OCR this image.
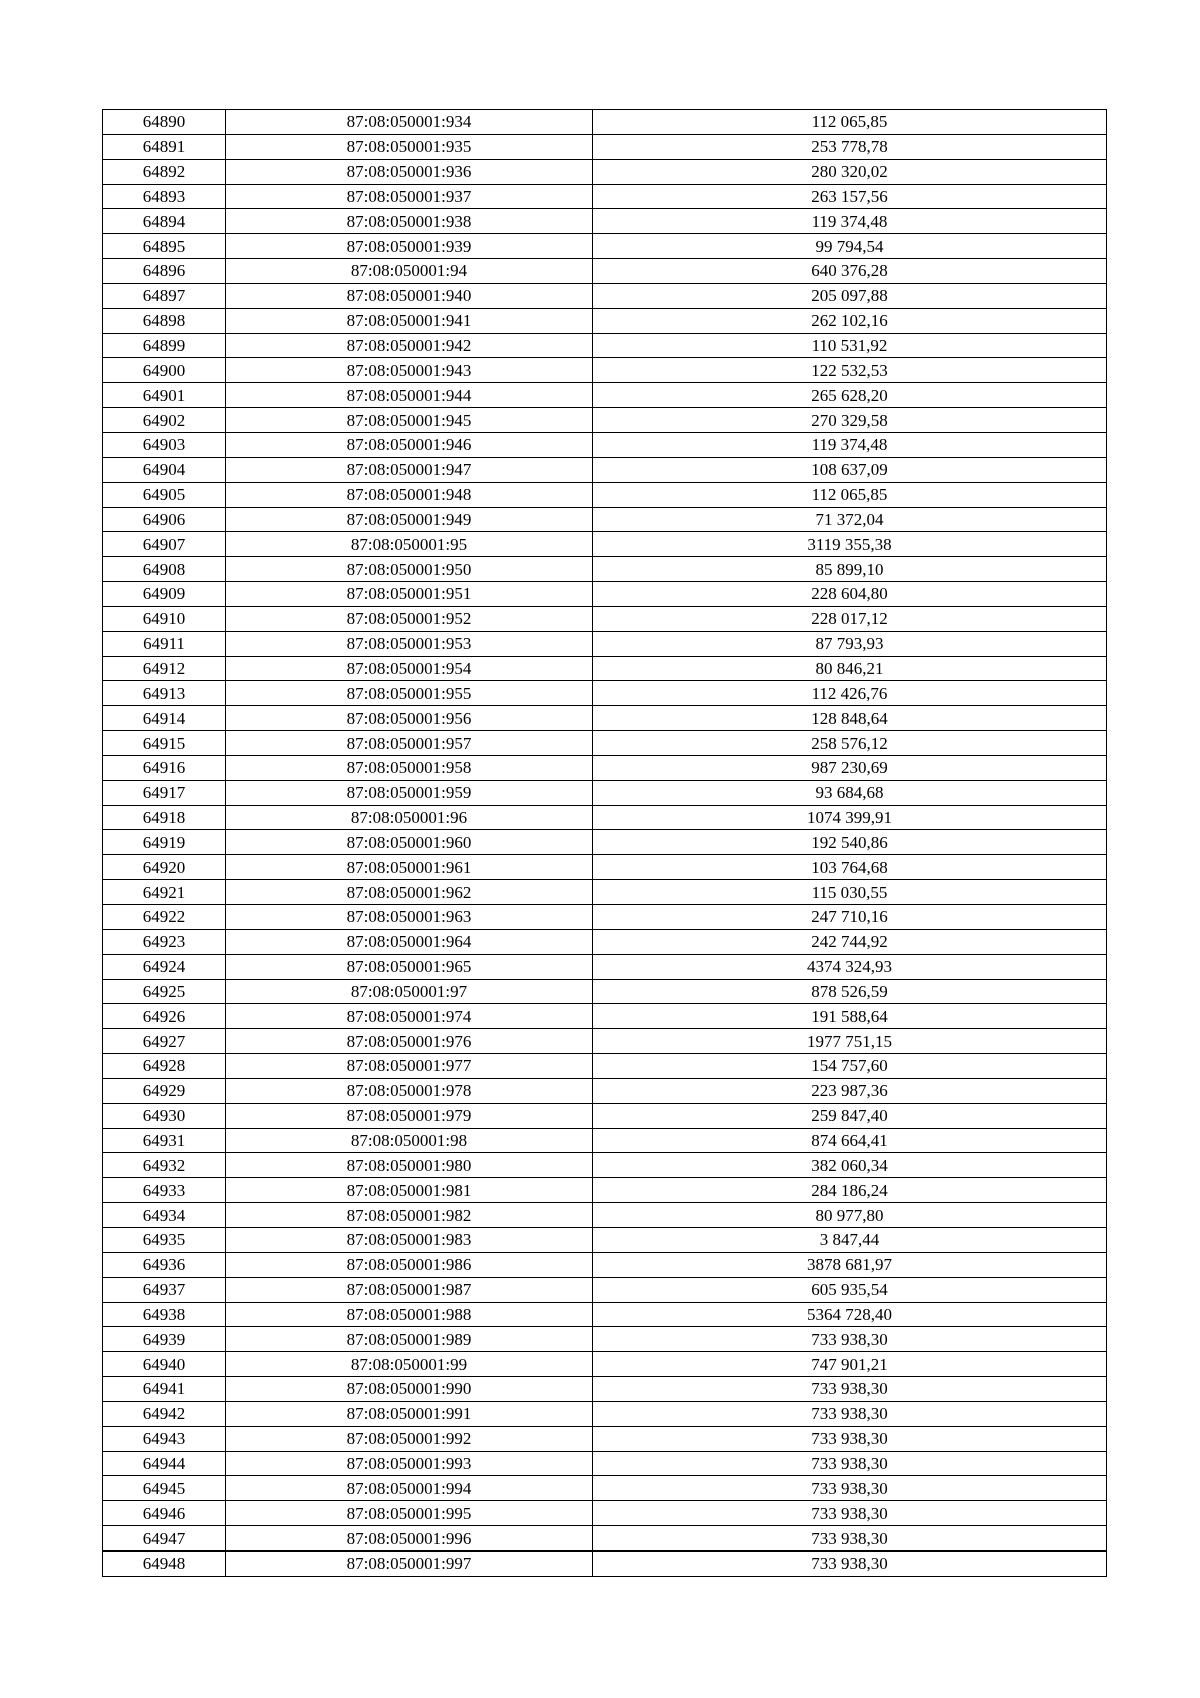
64890	87:08:050001:934	112 065,85
64891	87:08:050001:935	253 778,78
64892	87:08:050001:936	280 320,02
64893	87:08:050001:937	263 157,56
64894	87:08:050001:938	119 374,48
64895	87:08:050001:939	99 794,54
64896	87:08:050001:94	640 376,28
64897	87:08:050001:940	205 097,88
64898	87:08:050001:941	262 102,16
64899	87:08:050001:942	110 531,92
64900	87:08:050001:943	122 532,53
64901	87:08:050001:944	265 628,20
64902	87:08:050001:945	270 329,58
64903	87:08:050001:946	119 374,48
64904	87:08:050001:947	108 637,09
64905	87:08:050001:948	112 065,85
64906	87:08:050001:949	71 372,04
64907	87:08:050001:95	3119 355,38
64908	87:08:050001:950	85 899,10
64909	87:08:050001:951	228 604,80
64910	87:08:050001:952	228 017,12
64911	87:08:050001:953	87 793,93
64912	87:08:050001:954	80 846,21
64913	87:08:050001:955	112 426,76
64914	87:08:050001:956	128 848,64
64915	87:08:050001:957	258 576,12
64916	87:08:050001:958	987 230,69
64917	87:08:050001:959	93 684,68
64918	87:08:050001:96	1074 399,91
64919	87:08:050001:960	192 540,86
64920	87:08:050001:961	103 764,68
64921	87:08:050001:962	115 030,55
64922	87:08:050001:963	247 710,16
64923	87:08:050001:964	242 744,92
64924	87:08:050001:965	4374 324,93
64925	87:08:050001:97	878 526,59
64926	87:08:050001:974	191 588,64
64927	87:08:050001:976	1977 751,15
64928	87:08:050001:977	154 757,60
64929	87:08:050001:978	223 987,36
64930	87:08:050001:979	259 847,40
64931	87:08:050001:98	874 664,41
64932	87:08:050001:980	382 060,34
64933	87:08:050001:981	284 186,24
64934	87:08:050001:982	80 977,80
64935	87:08:050001:983	3 847,44
64936	87:08:050001:986	3878 681,97
64937	87:08:050001:987	605 935,54
64938	87:08:050001:988	5364 728,40
64939	87:08:050001:989	733 938,30
64940	87:08:050001:99	747 901,21
64941	87:08:050001:990	733 938,30
64942	87:08:050001:991	733 938,30
64943	87:08:050001:992	733 938,30
64944	87:08:050001:993	733 938,30
64945	87:08:050001:994	733 938,30
64946	87:08:050001:995	733 938,30
64947	87:08:050001:996	733 938,30
64948	87:08:050001:997	733 938,30
